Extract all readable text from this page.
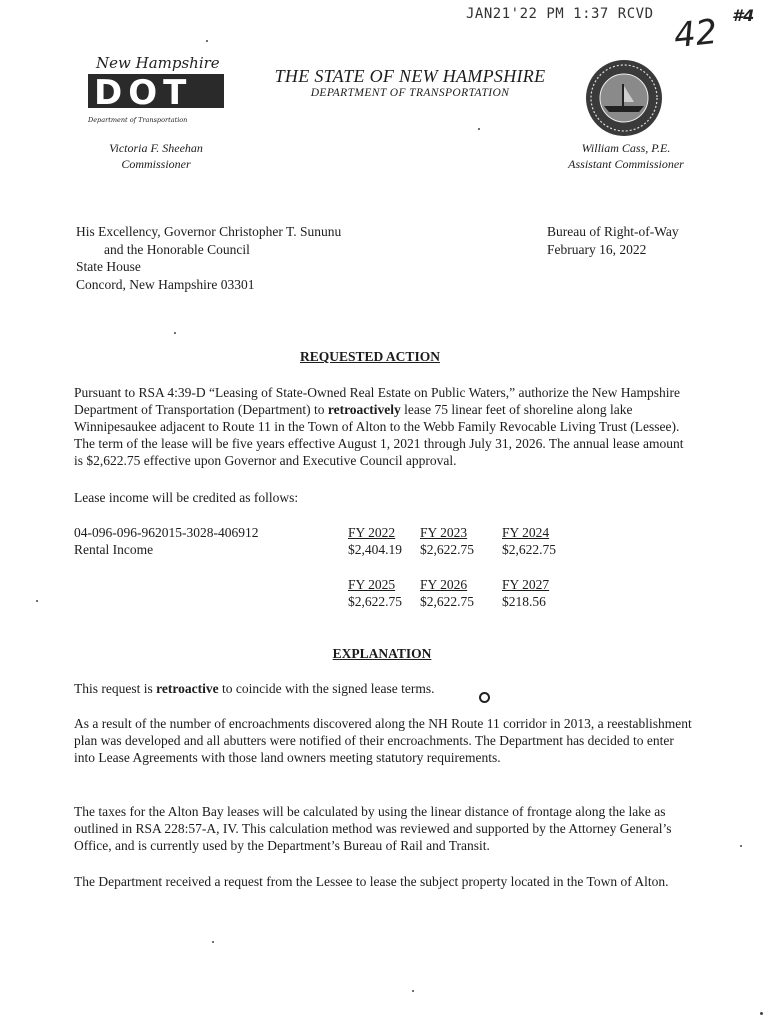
JAN21'22 PM 1:37 RCVD 42 #4
New Hampshire
DOT
Department of Transportation
THE STATE OF NEW HAMPSHIRE
DEPARTMENT OF TRANSPORTATION
Victoria F. Sheehan
Commissioner
William Cass, P.E.
Assistant Commissioner
His Excellency, Governor Christopher T. Sununu
and the Honorable Council
State House
Concord, New Hampshire 03301
Bureau of Right-of-Way
February 16, 2022
REQUESTED ACTION
Pursuant to RSA 4:39-D “Leasing of State-Owned Real Estate on Public Waters,” authorize the New Hampshire Department of Transportation (Department) to retroactively lease 75 linear feet of shoreline along lake Winnipesaukee adjacent to Route 11 in the Town of Alton to the Webb Family Revocable Living Trust (Lessee). The term of the lease will be five years effective August 1, 2021 through July 31, 2026. The annual lease amount is $2,622.75 effective upon Governor and Executive Council approval.
Lease income will be credited as follows:
04-096-096-962015-3028-406912
Rental Income
FY 2022
$2,404.19
FY 2023
$2,622.75
FY 2024
$2,622.75
FY 2025
$2,622.75
FY 2026
$2,622.75
FY 2027
$218.56
EXPLANATION
This request is retroactive to coincide with the signed lease terms.
As a result of the number of encroachments discovered along the NH Route 11 corridor in 2013, a reestablishment plan was developed and all abutters were notified of their encroachments. The Department has decided to enter into Lease Agreements with those land owners meeting statutory requirements.
The taxes for the Alton Bay leases will be calculated by using the linear distance of frontage along the lake as outlined in RSA 228:57-A, IV. This calculation method was reviewed and supported by the Attorney General’s Office, and is currently used by the Department’s Bureau of Rail and Transit.
The Department received a request from the Lessee to lease the subject property located in the Town of Alton.
